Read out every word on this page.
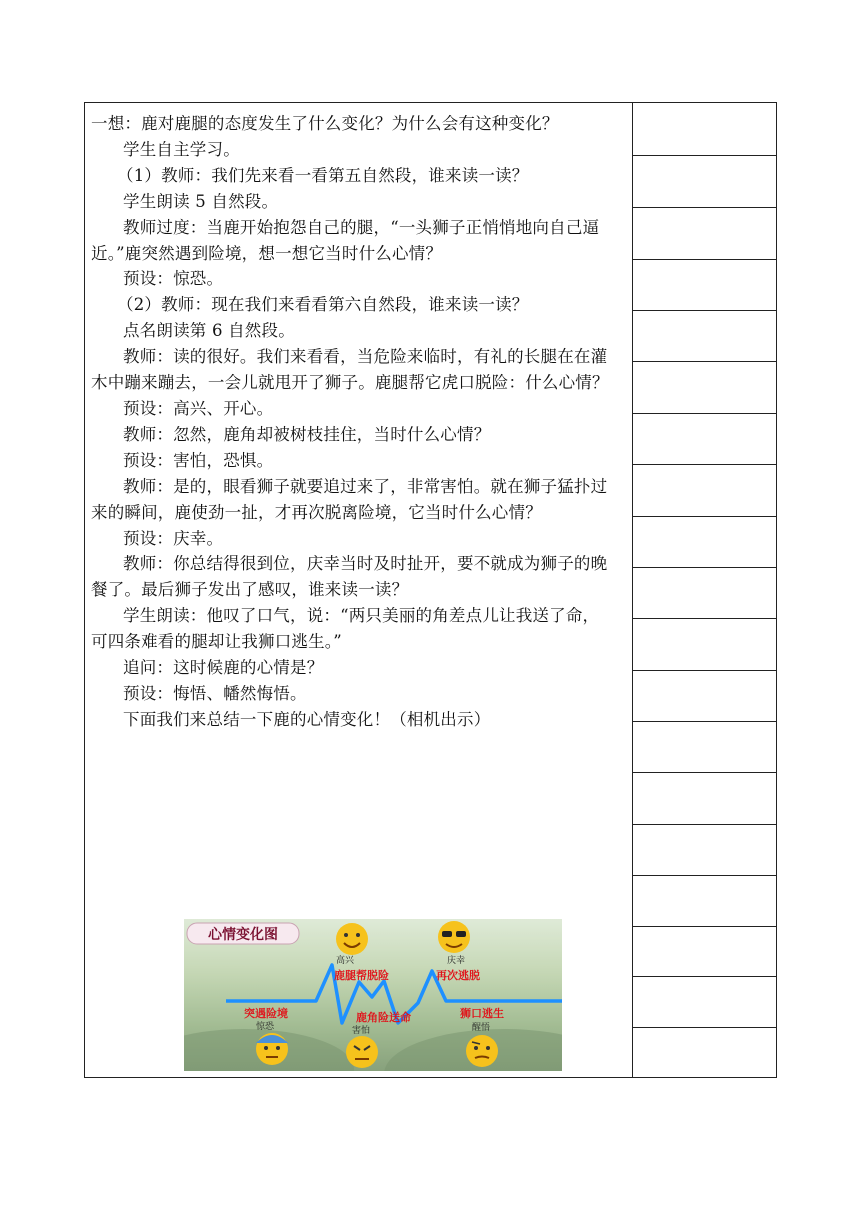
一想：鹿对鹿腿的态度发生了什么变化？为什么会有这种变化？
学生自主学习。
（1）教师：我们先来看一看第五自然段，谁来读一读？
学生朗读 5 自然段。
教师过度：当鹿开始抱怨自己的腿，“一头狮子正悄悄地向自己逼
近。”鹿突然遇到险境，想一想它当时什么心情？
预设：惊恐。
（2）教师：现在我们来看看第六自然段，谁来读一读？
点名朗读第 6 自然段。
教师：读的很好。我们来看看，当危险来临时，有礼的长腿在在灌
木中蹦来蹦去，一会儿就甩开了狮子。鹿腿帮它虎口脱险：什么心情？
预设：高兴、开心。
教师：忽然，鹿角却被树枝挂住，当时什么心情？
预设：害怕，恐惧。
教师：是的，眼看狮子就要追过来了，非常害怕。就在狮子猛扑过
来的瞬间，鹿使劲一扯，才再次脱离险境，它当时什么心情？
预设：庆幸。
教师：你总结得很到位，庆幸当时及时扯开，要不就成为狮子的晚
餐了。最后狮子发出了感叹，谁来读一读？
学生朗读：他叹了口气，说：“两只美丽的角差点儿让我送了命，
可四条难看的腿却让我狮口逃生。”
追问：这时候鹿的心情是？
预设：悔悟、幡然悔悟。
下面我们来总结一下鹿的心情变化！（相机出示）
心情变化图
高兴	庆幸
惊恐	害怕	醒悟
鹿腿帮脱险	再次逃脱
突遇险境	鹿角险送命	狮口逃生
